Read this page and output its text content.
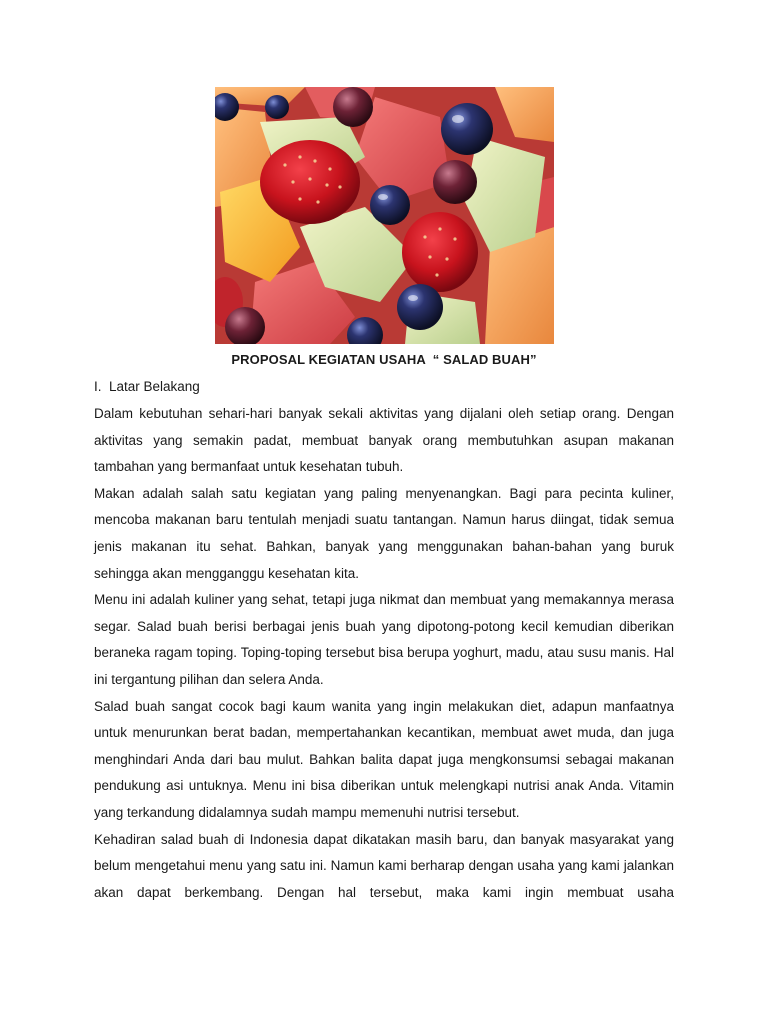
PROPOSAL KEGIATAN USAHA  “ SALAD BUAH”
I.  Latar Belakang

Dalam kebutuhan sehari-hari banyak sekali aktivitas yang dijalani oleh setiap orang. Dengan aktivitas yang semakin padat, membuat banyak orang membutuhkan asupan makanan tambahan yang bermanfaat untuk kesehatan tubuh.

Makan adalah salah satu kegiatan yang paling menyenangkan. Bagi para pecinta kuliner, mencoba makanan baru tentulah menjadi suatu tantangan. Namun harus diingat, tidak semua jenis makanan itu sehat. Bahkan, banyak yang menggunakan bahan-bahan yang buruk sehingga akan mengganggu kesehatan kita.

Menu ini adalah kuliner yang sehat, tetapi juga nikmat dan membuat yang memakannya merasa segar. Salad buah berisi berbagai jenis buah yang dipotong-potong kecil kemudian diberikan beraneka ragam toping. Toping-toping tersebut bisa berupa yoghurt, madu, atau susu manis. Hal ini tergantung pilihan dan selera Anda.

Salad buah sangat cocok bagi kaum wanita yang ingin melakukan diet, adapun manfaatnya untuk menurunkan berat badan, mempertahankan kecantikan, membuat awet muda, dan juga menghindari Anda dari bau mulut. Bahkan balita dapat juga mengkonsumsi sebagai makanan pendukung asi untuknya. Menu ini bisa diberikan untuk melengkapi nutrisi anak Anda. Vitamin yang terkandung didalamnya sudah mampu memenuhi nutrisi tersebut.

Kehadiran salad buah di Indonesia dapat dikatakan masih baru, dan banyak masyarakat yang belum mengetahui menu yang satu ini. Namun kami berharap dengan usaha yang kami jalankan akan dapat berkembang. Dengan hal tersebut, maka kami ingin membuat usaha
